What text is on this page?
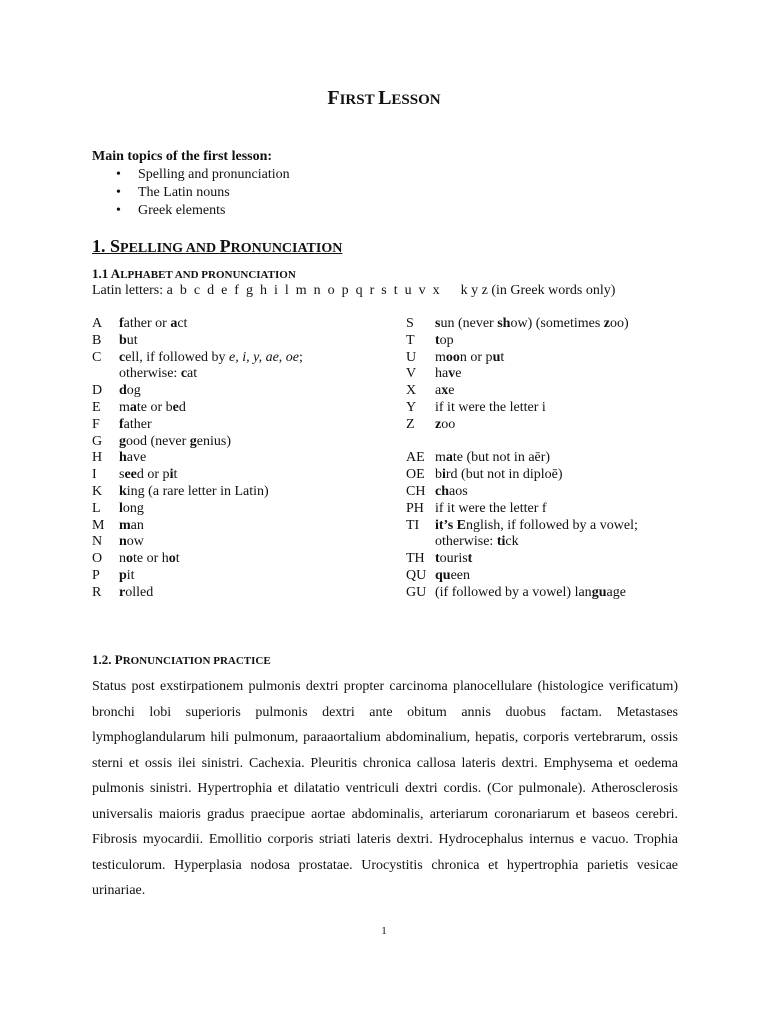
FIRST LESSON
Main topics of the first lesson:
• Spelling and pronunciation
• The Latin nouns
• Greek elements
1. SPELLING AND PRONUNCIATION
1.1 ALPHABET AND PRONUNCIATION
Latin letters: a  b  c  d  e  f  g  h  i  l  m  n  o  p  q  r  s  t  u  v  x k y z (in Greek words only)
A father or act
B but
C cell, if followed by e, i, y, ae, oe;
otherwise: cat
D dog
E mate or bed
F father
G good (never genius)
H have
I seed or pit
K king (a rare letter in Latin)
L long
M man
N now
O note or hot
P pit
R rolled
S sun (never show) (sometimes zoo)
T top
U moon or put
V have
X axe
Y if it were the letter i
Z zoo
AE mate (but not in aēr)
OE bird (but not in diploē)
CH chaos
PH if it were the letter f
TI it’s English, if followed by a vowel;
otherwise: tick
TH tourist
QU queen
GU (if followed by a vowel) language
1.2. PRONUNCIATION PRACTICE

Status post exstirpationem pulmonis dextri propter carcinoma planocellulare (histologice verificatum) bronchi lobi superioris pulmonis dextri ante obitum annis duobus factam. Metastases lymphoglandularum hili pulmonum, paraaortalium abdominalium, hepatis, corporis vertebrarum, ossis sterni et ossis ilei sinistri. Cachexia. Pleuritis chronica callosa lateris dextri. Emphysema et oedema pulmonis sinistri. Hypertrophia et dilatatio ventriculi dextri cordis. (Cor pulmonale). Atherosclerosis universalis maioris gradus praecipue aortae abdominalis, arteriarum coronariarum et baseos cerebri. Fibrosis myocardii. Emollitio corporis striati lateris dextri. Hydrocephalus internus e vacuo. Trophia testiculorum. Hyperplasia nodosa prostatae. Urocystitis chronica et hypertrophia parietis vesicae urinariae.

1
